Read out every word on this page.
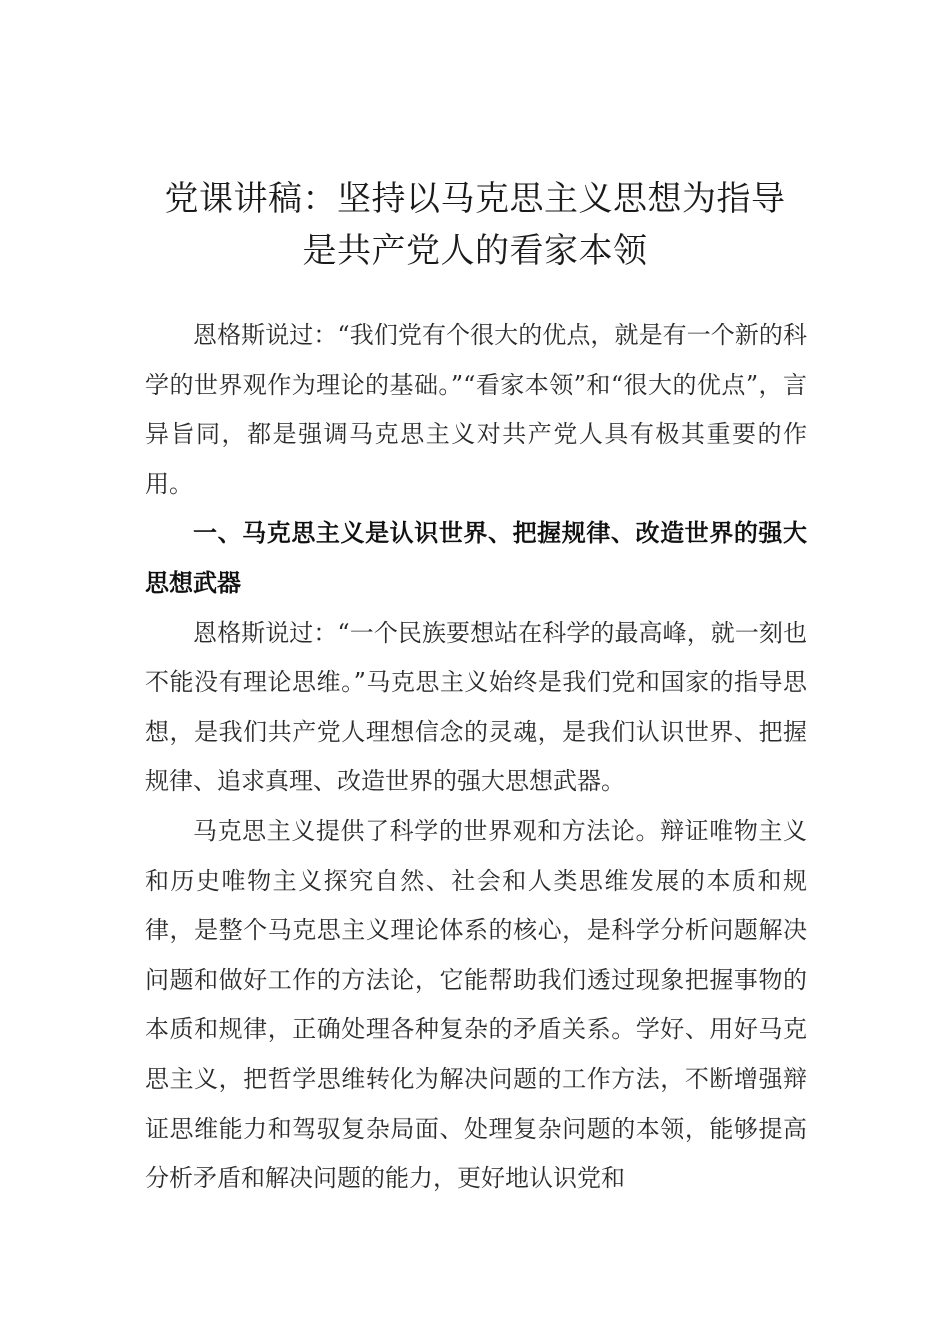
党课讲稿：坚持以马克思主义思想为指导
是共产党人的看家本领

恩格斯说过：“我们党有个很大的优点，就是有一个新的科学的世界观作为理论的基础。”“看家本领”和“很大的优点”，言异旨同，都是强调马克思主义对共产党人具有极其重要的作用。

一、马克思主义是认识世界、把握规律、改造世界的强大思想武器

恩格斯说过：“一个民族要想站在科学的最高峰，就一刻也不能没有理论思维。”马克思主义始终是我们党和国家的指导思想，是我们共产党人理想信念的灵魂，是我们认识世界、把握规律、追求真理、改造世界的强大思想武器。

马克思主义提供了科学的世界观和方法论。辩证唯物主义和历史唯物主义探究自然、社会和人类思维发展的本质和规律，是整个马克思主义理论体系的核心，是科学分析问题解决问题和做好工作的方法论，它能帮助我们透过现象把握事物的本质和规律，正确处理各种复杂的矛盾关系。学好、用好马克思主义，把哲学思维转化为解决问题的工作方法，不断增强辩证思维能力和驾驭复杂局面、处理复杂问题的本领，能够提高分析矛盾和解决问题的能力，更好地认识党和
